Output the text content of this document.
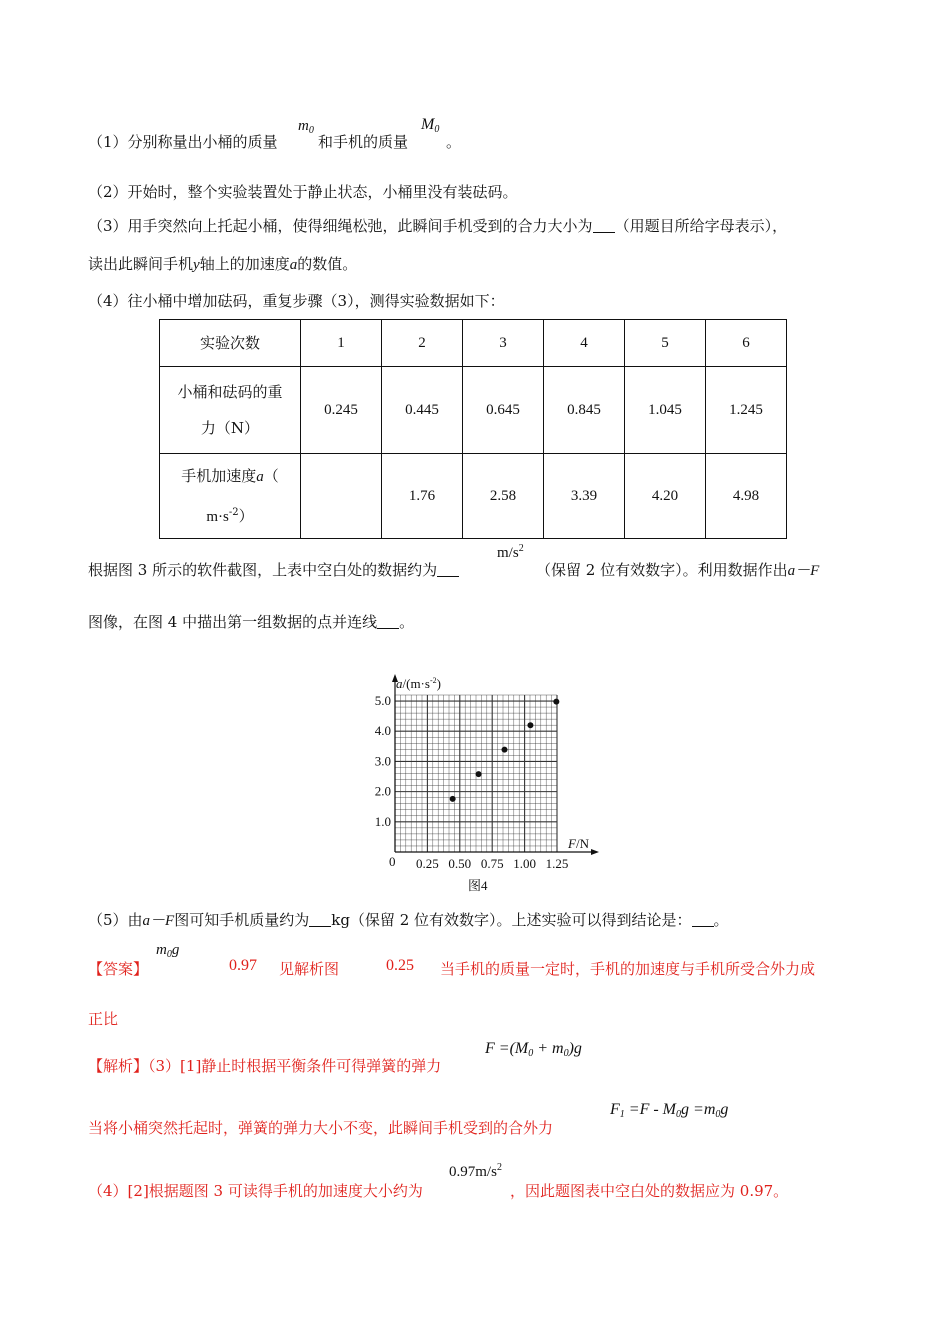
（1）分别称量出小桶的质量
$m_0$
和手机的质量
$M_0$
。
（2）开始时，整个实验装置处于静止状态，小桶里没有装砝码。
（3）用手突然向上托起小桶，使得细绳松弛，此瞬间手机受到的合力大小为 （用题目所给字母表示），
读出此瞬间手机y轴上的加速度a的数值。
（4）往小桶中增加砝码，重复步骤（3），测得实验数据如下：
实验次数	1	2	3	4	5	6

小桶和砝码的重
力（N）	0.245	0.445	0.645	0.845	1.045	1.245

手机加速度a（
$m\cdot s^{-2}$）		1.76	2.58	3.39	4.20	4.98
根据图 3 所示的软件截图，上表中空白处的数据约为
$m/s^2$
（保留 2 位有效数字）。利用数据作出a－F
图像，在图 4 中描出第一组数据的点并连线 。
0.25 0.50 0.75 1.00 1.25
1.0
2.0
3.0
4.0
5.0
$a/(m\cdot s^{-2})$
F/N
0
图4
（5）由a－F图可知手机质量约为 kg（保留 2 位有效数字）。上述实验可以得到结论是： 。
【答案】
$m_0g$
0.97 见解析图	0.25 当手机的质量一定时，手机的加速度与手机所受合外力成
正比
【解析】（3）[1]静止时根据平衡条件可得弹簧的弹力
$F =(M_0 + m_0)g$
当将小桶突然托起时，弹簧的弹力大小不变，此瞬间手机受到的合外力
$F_1 =F - M_0g =m_0g$
（4）[2]根据题图 3 可读得手机的加速度大小约为
$0.97m/s^2$
，因此题图表中空白处的数据应为 0.97。
